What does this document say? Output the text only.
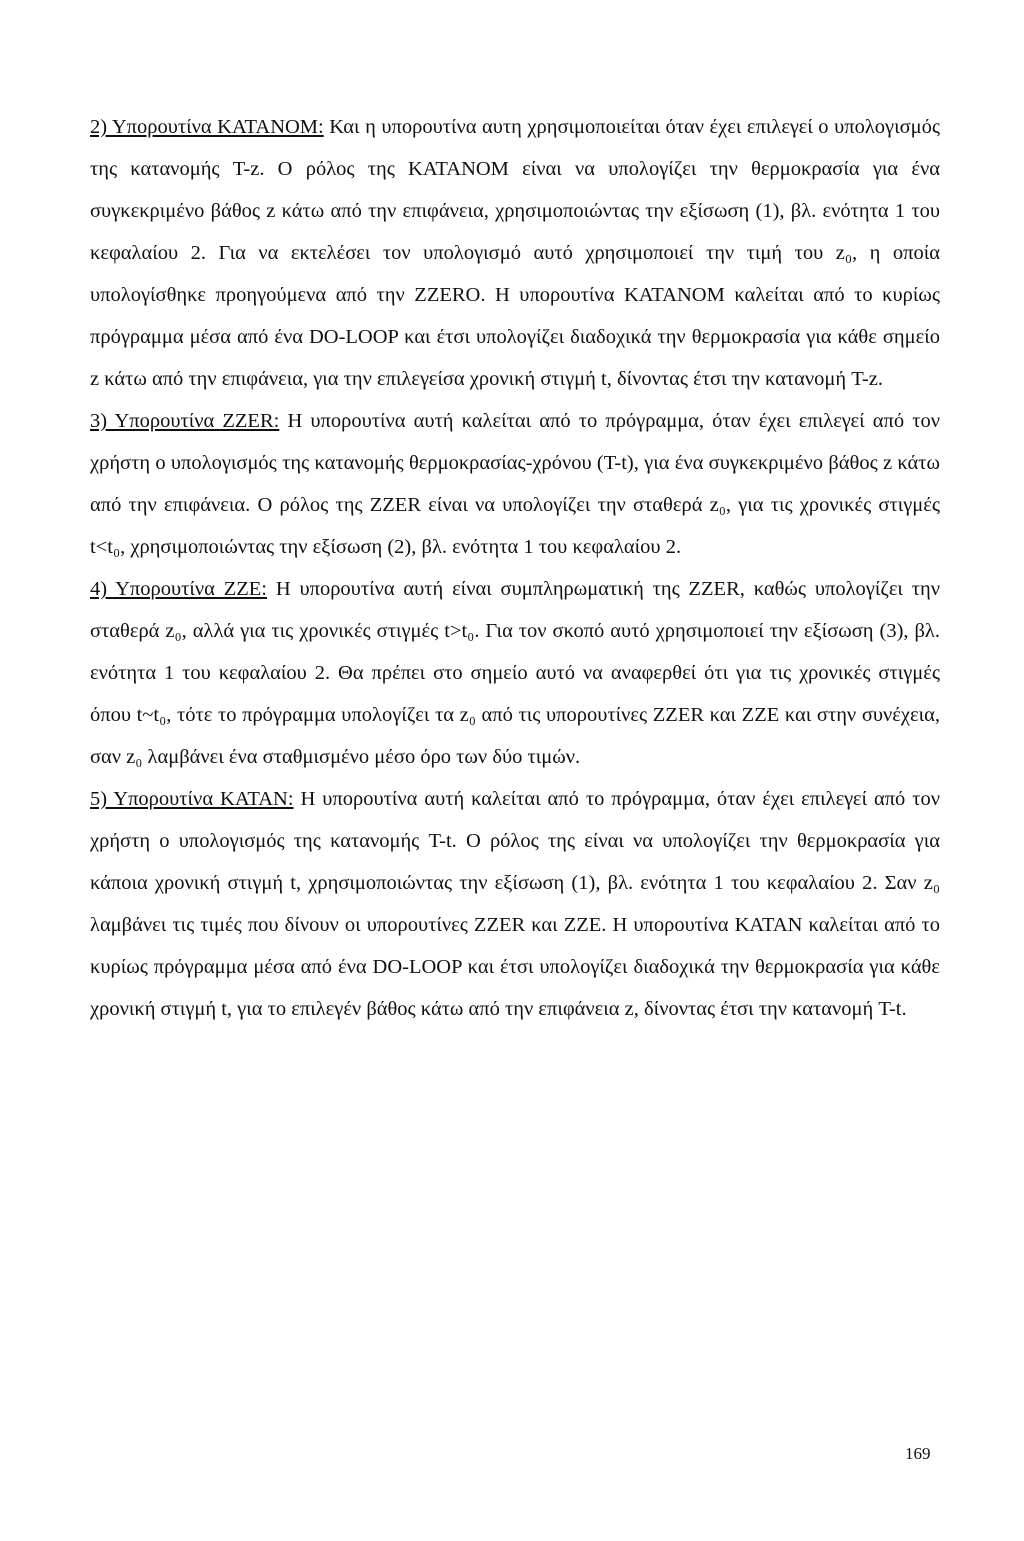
2) Υπορουτίνα KATANOM: Και η υπορουτίνα αυτη χρησιμοποιείται όταν έχει επιλεγεί ο υπολογισμός της κατανομής T-z. Ο ρόλος της KATANOM είναι να υπολογίζει την θερμοκρασία για ένα συγκεκριμένο βάθος z κάτω από την επιφάνεια, χρησιμοποιώντας την εξίσωση (1), βλ. ενότητα 1 του κεφαλαίου 2. Για να εκτελέσει τον υπολογισμό αυτό χρησιμοποιεί την τιμή του z₀, η οποία υπολογίσθηκε προηγούμενα από την ZZERO. Η υπορουτίνα KATANOM καλείται από το κυρίως πρόγραμμα μέσα από ένα DO-LOOP και έτσι υπολογίζει διαδοχικά την θερμοκρασία για κάθε σημείο z κάτω από την επιφάνεια, για την επιλεγείσα χρονική στιγμή t, δίνοντας έτσι την κατανομή T-z.

3) Υπορουτίνα ZZER: Η υπορουτίνα αυτή καλείται από το πρόγραμμα, όταν έχει επιλεγεί από τον χρήστη ο υπολογισμός της κατανομής θερμοκρασίας-χρόνου (T-t), για ένα συγκεκριμένο βάθος z κάτω από την επιφάνεια. Ο ρόλος της ZZER είναι να υπολογίζει την σταθερά z₀, για τις χρονικές στιγμές t<t₀, χρησιμοποιώντας την εξίσωση (2), βλ. ενότητα 1 του κεφαλαίου 2.

4) Υπορουτίνα ZZE: Η υπορουτίνα αυτή είναι συμπληρωματική της ZZER, καθώς υπολογίζει την σταθερά z₀, αλλά για τις χρονικές στιγμές t>t₀. Για τον σκοπό αυτό χρησιμοποιεί την εξίσωση (3), βλ. ενότητα 1 του κεφαλαίου 2. Θα πρέπει στο σημείο αυτό να αναφερθεί ότι για τις χρονικές στιγμές όπου t~t₀, τότε το πρόγραμμα υπολογίζει τα z₀ από τις υπορουτίνες ZZER και ZZE και στην συνέχεια, σαν z₀ λαμβάνει ένα σταθμισμένο μέσο όρο των δύο τιμών.

5) Υπορουτίνα KATAN: Η υπορουτίνα αυτή καλείται από το πρόγραμμα, όταν έχει επιλεγεί από τον χρήστη ο υπολογισμός της κατανομής T-t. Ο ρόλος της είναι να υπολογίζει την θερμοκρασία για κάποια χρονική στιγμή t, χρησιμοποιώντας την εξίσωση (1), βλ. ενότητα 1 του κεφαλαίου 2. Σαν z₀ λαμβάνει τις τιμές που δίνουν οι υπορουτίνες ZZER και ZZE. Η υπορουτίνα KATAN καλείται από το κυρίως πρόγραμμα μέσα από ένα DO-LOOP και έτσι υπολογίζει διαδοχικά την θερμοκρασία για κάθε χρονική στιγμή t, για το επιλεγέν βάθος κάτω από την επιφάνεια z, δίνοντας έτσι την κατανομή T-t.

169
